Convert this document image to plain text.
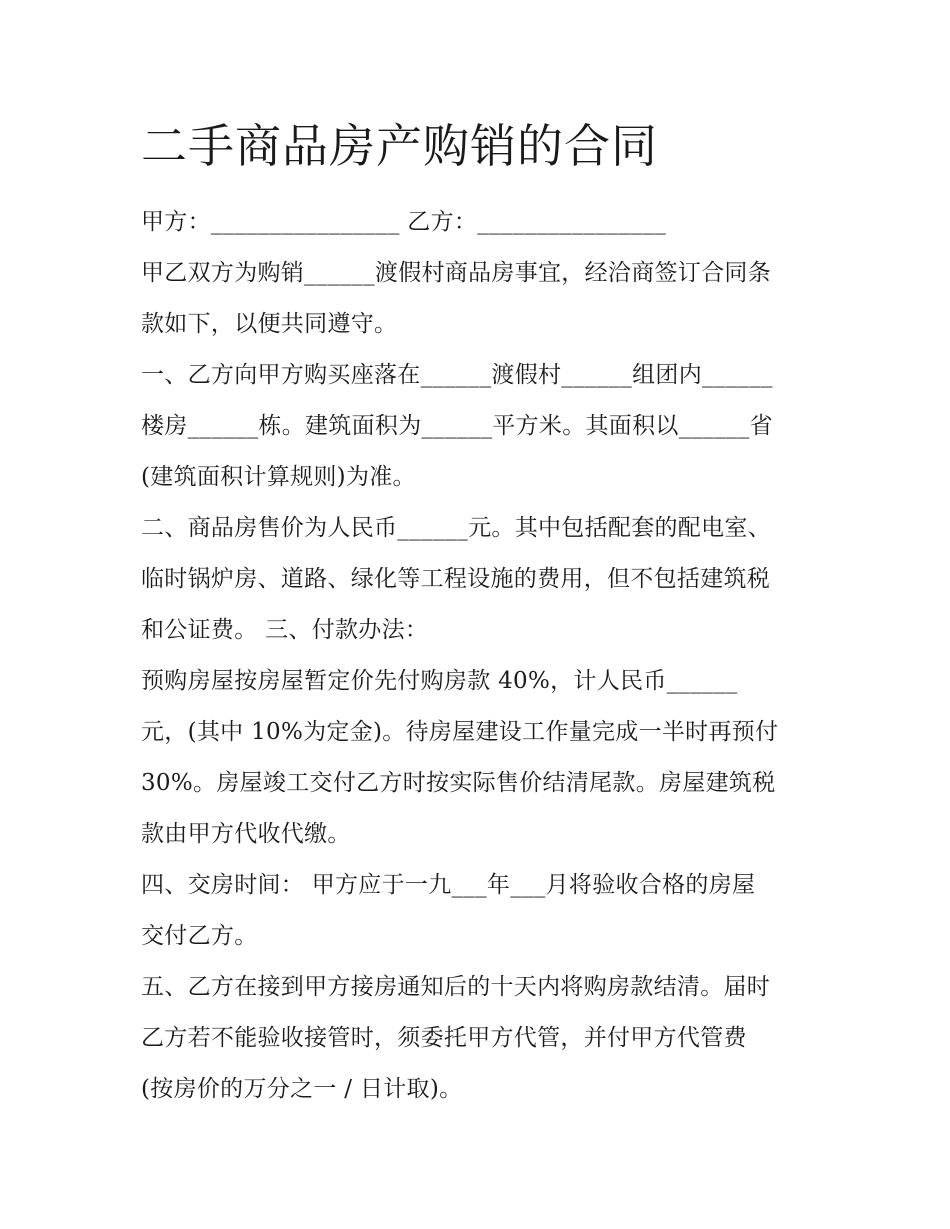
二手商品房产购销的合同

甲方：________________ 乙方：________________

甲乙双方为购销______渡假村商品房事宜，经洽商签订合同条

款如下，以便共同遵守。

一、乙方向甲方购买座落在______渡假村______组团内______

楼房______栋。建筑面积为______平方米。其面积以______省

(建筑面积计算规则)为准。

二、商品房售价为人民币______元。其中包括配套的配电室、

临时锅炉房、道路、绿化等工程设施的费用，但不包括建筑税

和公证费。 三、付款办法：

预购房屋按房屋暂定价先付购房款 40%，计人民币______

元，(其中 10%为定金)。待房屋建设工作量完成一半时再预付

30%。房屋竣工交付乙方时按实际售价结清尾款。房屋建筑税

款由甲方代收代缴。

四、交房时间： 甲方应于一九___年___月将验收合格的房屋

交付乙方。

五、乙方在接到甲方接房通知后的十天内将购房款结清。届时

乙方若不能验收接管时，须委托甲方代管，并付甲方代管费

(按房价的万分之一 / 日计取)。
